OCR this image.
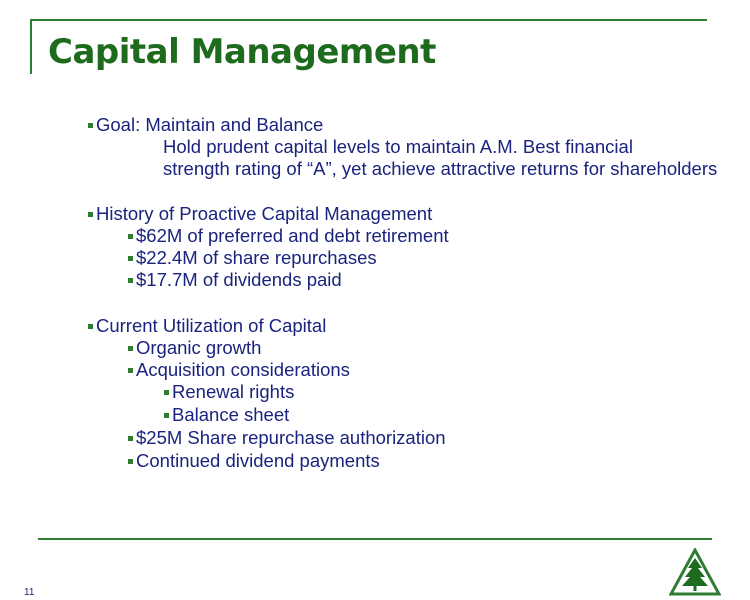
Capital Management
Goal: Maintain and Balance
Hold prudent capital levels to maintain A.M. Best financial
strength rating of “A”, yet achieve attractive returns for shareholders
History of Proactive Capital Management
$62M of preferred and debt retirement
$22.4M of share repurchases
$17.7M of dividends paid
Current Utilization of Capital
Organic growth
Acquisition considerations
Renewal rights
Balance sheet
$25M Share repurchase authorization
Continued dividend payments
11
